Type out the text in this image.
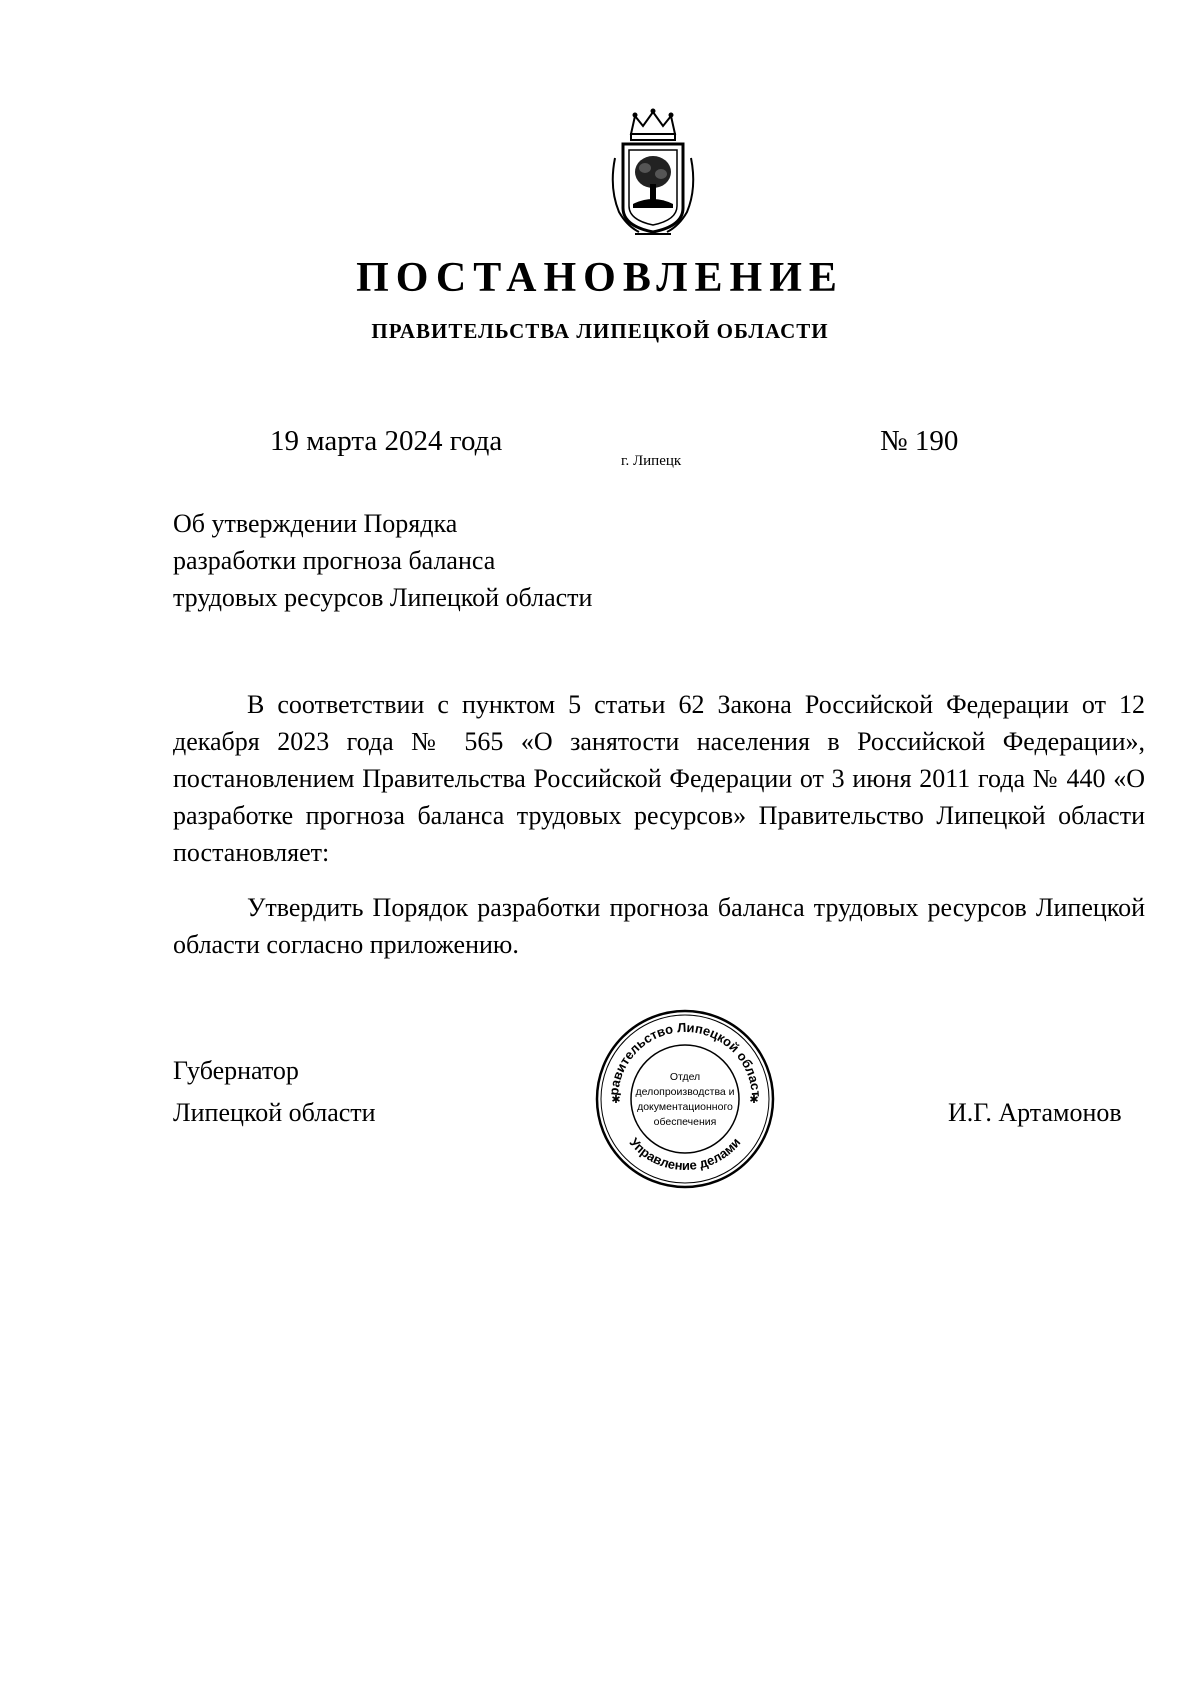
ПОСТАНОВЛЕНИЕ
ПРАВИТЕЛЬСТВА ЛИПЕЦКОЙ ОБЛАСТИ
19 марта 2024 года
г. Липецк
№ 190
Об утверждении Порядка
разработки прогноза баланса
трудовых ресурсов Липецкой области

В соответствии с пунктом 5 статьи 62 Закона Российской Федерации от 12 декабря 2023 года № 565 «О занятости населения в Российской Федерации», постановлением Правительства Российской Федерации от 3 июня 2011 года № 440 «О разработке прогноза баланса трудовых ресурсов» Правительство Липецкой области постановляет:

Утвердить Порядок разработки прогноза баланса трудовых ресурсов Липецкой области согласно приложению.

Губернатор
Липецкой области	И.Г. Артамонов
равительство Липецкой област
Управление делами
✱	✱
Отдел
делопроизводства и
документационного
обеспечения
